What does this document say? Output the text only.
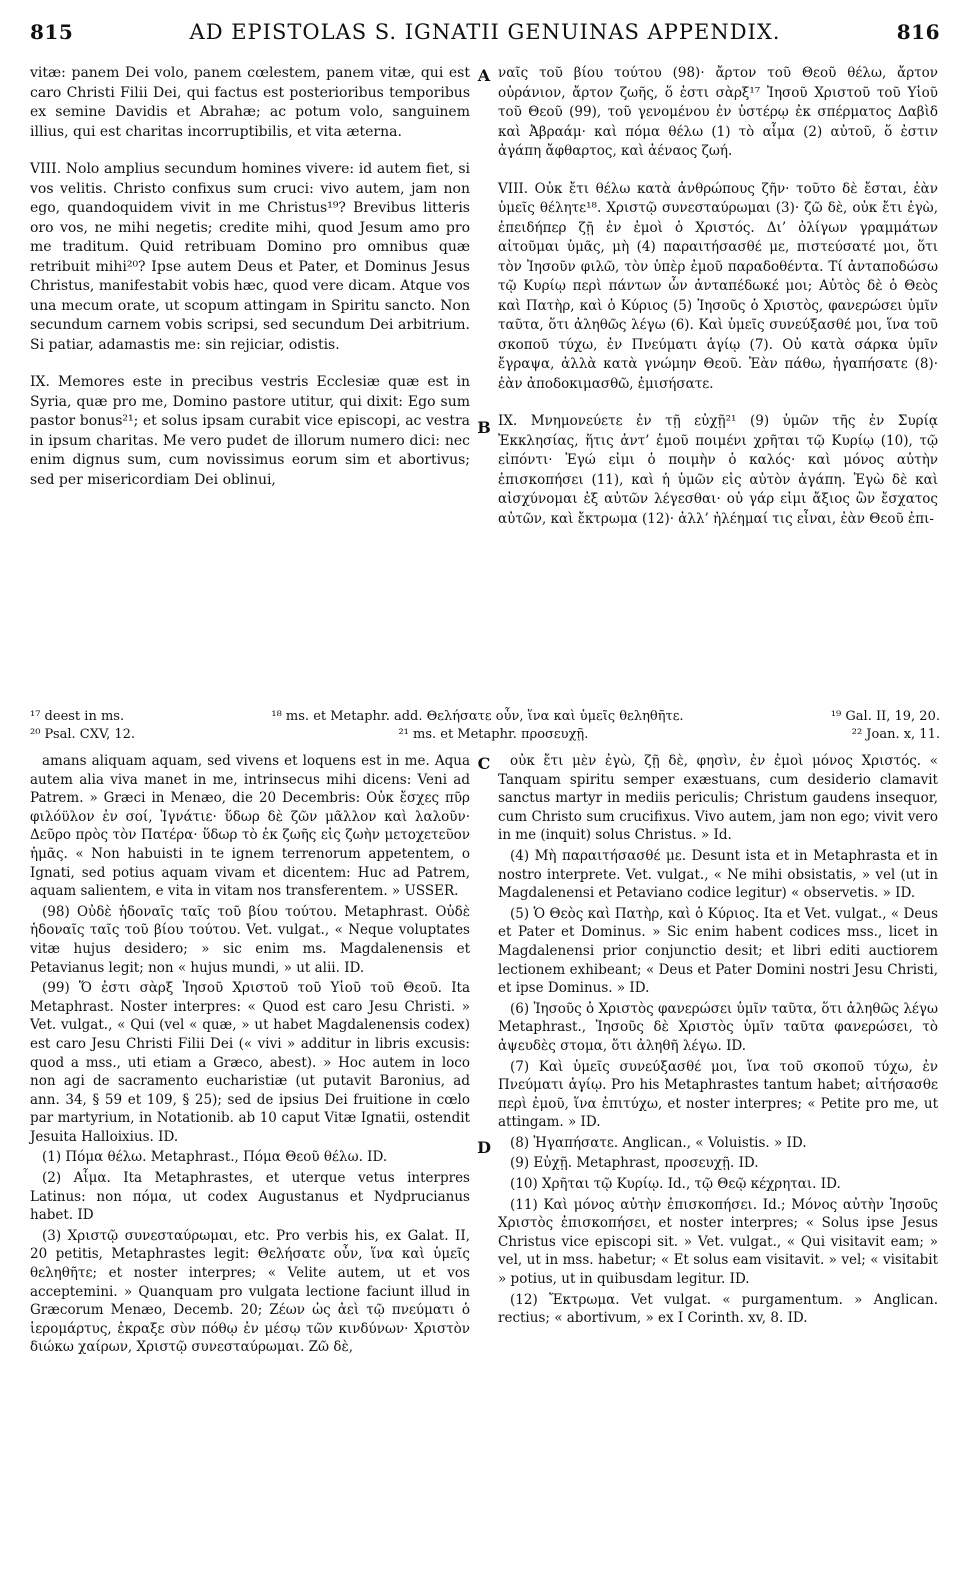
815	AD EPISTOLAS S. IGNATII GENUINAS APPENDIX.	816

vitæ: panem Dei volo, panem cœlestem, panem vitæ, qui est caro Christi Filii Dei, qui factus est posterioribus temporibus ex semine Davidis et Abrahæ; ac potum volo, sanguinem illius, qui est charitas incorruptibilis, et vita æterna.

VIII. Nolo amplius secundum homines vivere: id autem fiet, si vos velitis. Christo confixus sum cruci: vivo autem, jam non ego, quandoquidem vivit in me Christus¹⁹? Brevibus litteris oro vos, ne mihi negetis; credite mihi, quod Jesum amo pro me traditum. Quid retribuam Domino pro omnibus quæ retribuit mihi²⁰? Ipse autem Deus et Pater, et Dominus Jesus Christus, manifestabit vobis hæc, quod vere dicam. Atque vos una mecum orate, ut scopum attingam in Spiritu sancto. Non secundum carnem vobis scripsi, sed secundum Dei arbitrium. Si patiar, adamastis me: sin rejiciar, odistis.

IX. Memores este in precibus vestris Ecclesiæ quæ est in Syria, quæ pro me, Domino pastore utitur, qui dixit: Ego sum pastor bonus²¹; et solus ipsam curabit vice episcopi, ac vestra in ipsum charitas. Me vero pudet de illorum numero dici: nec enim dignus sum, cum novissimus eorum sim et abortivus; sed per misericordiam Dei oblinui,

A
B

ναῖς τοῦ βίου τούτου (98)· ἄρτον τοῦ Θεοῦ θέλω, ἄρτον οὐράνιον, ἄρτον ζωῆς, ὅ ἐστι σὰρξ¹⁷ Ἰησοῦ Χριστοῦ τοῦ Υἱοῦ τοῦ Θεοῦ (99), τοῦ γενομένου ἐν ὑστέρῳ ἐκ σπέρματος Δαβὶδ καὶ Ἀβραάμ· καὶ πόμα θέλω (1) τὸ αἷμα (2) αὐτοῦ, ὅ ἐστιν ἀγάπη ἄφθαρτος, καὶ ἀέναος ζωή.

VIII. Οὐκ ἔτι θέλω κατὰ ἀνθρώπους ζῆν· τοῦτο δὲ ἔσται, ἐὰν ὑμεῖς θέλητε¹⁸. Χριστῷ συνεσταύρωμαι (3)· ζῶ δὲ, οὐκ ἔτι ἐγὼ, ἐπειδήπερ ζῇ ἐν ἐμοὶ ὁ Χριστός. Δι’ ὀλίγων γραμμάτων αἰτοῦμαι ὑμᾶς, μὴ (4) παραιτήσασθέ με, πιστεύσατέ μοι, ὅτι τὸν Ἰησοῦν φιλῶ, τὸν ὑπὲρ ἐμοῦ παραδοθέντα. Τί ἀνταποδώσω τῷ Κυρίῳ περὶ πάντων ὧν ἀνταπέδωκέ μοι; Αὐτὸς δὲ ὁ Θεὸς καὶ Πατὴρ, καὶ ὁ Κύριος (5) Ἰησοῦς ὁ Χριστὸς, φανερώσει ὑμῖν ταῦτα, ὅτι ἀληθῶς λέγω (6). Καὶ ὑμεῖς συνεύξασθέ μοι, ἵνα τοῦ σκοποῦ τύχω, ἐν Πνεύματι ἁγίῳ (7). Οὐ κατὰ σάρκα ὑμῖν ἔγραψα, ἀλλὰ κατὰ γνώμην Θεοῦ. Ἐὰν πάθω, ἠγαπήσατε (8)· ἐὰν ἀποδοκιμασθῶ, ἐμισήσατε.

IX. Μνημονεύετε ἐν τῇ εὐχῇ²¹ (9) ὑμῶν τῆς ἐν Συρίᾳ Ἐκκλησίας, ἥτις ἀντ’ ἐμοῦ ποιμένι χρῆται τῷ Κυρίῳ (10), τῷ εἰπόντι· Ἐγώ εἰμι ὁ ποιμὴν ὁ καλός· καὶ μόνος αὐτὴν ἐπισκοπήσει (11), καὶ ἡ ὑμῶν εἰς αὐτὸν ἀγάπη. Ἐγὼ δὲ καὶ αἰσχύνομαι ἐξ αὐτῶν λέγεσθαι· οὐ γάρ εἰμι ἄξιος ὢν ἔσχατος αὐτῶν, καὶ ἔκτρωμα (12)· ἀλλ’ ἠλέημαί τις εἶναι, ἐὰν Θεοῦ ἐπι-

¹⁷ deest in ms.	¹⁸ ms. et Metaphr. add. Θελήσατε οὖν, ἵνα καὶ ὑμεῖς θεληθῆτε.	¹⁹ Gal. II, 19, 20.
²⁰ Psal. CXV, 12.	²¹ ms. et Metaphr. προσευχῇ.	²² Joan. x, 11.
C
D

amans aliquam aquam, sed vivens et loquens est in me. Aqua autem alia viva manet in me, intrinsecus mihi dicens: Veni ad Patrem. » Græci in Menæo, die 20 Decembris: Οὐκ ἔσχες πῦρ φιλόϋλον ἐν σοί, Ἰγνάτιε· ὕδωρ δὲ ζῶν μᾶλλον καὶ λαλοῦν· Δεῦρο πρὸς τὸν Πατέρα· ὕδωρ τὸ ἐκ ζωῆς εἰς ζωὴν μετοχετεῦον ἡμᾶς. « Non habuisti in te ignem terrenorum appetentem, o Ignati, sed potius aquam vivam et dicentem: Huc ad Patrem, aquam salientem, e vita in vitam nos transferentem. » USSER.

(98) Οὐδὲ ἡδοναῖς ταῖς τοῦ βίου τούτου. Metaphrast. Οὐδὲ ἡδοναῖς ταῖς τοῦ βίου τούτου. Vet. vulgat., « Neque voluptates vitæ hujus desidero; » sic enim ms. Magdalenensis et Petavianus legit; non « hujus mundi, » ut alii. ID.

(99) Ὅ ἐστι σὰρξ Ἰησοῦ Χριστοῦ τοῦ Υἱοῦ τοῦ Θεοῦ. Ita Metaphrast. Noster interpres: « Quod est caro Jesu Christi. » Vet. vulgat., « Qui (vel « quæ, » ut habet Magdalenensis codex) est caro Jesu Christi Filii Dei (« vivi » additur in libris excusis: quod a mss., uti etiam a Græco, abest). » Hoc autem in loco non agi de sacramento eucharistiæ (ut putavit Baronius, ad ann. 34, § 59 et 109, § 25); sed de ipsius Dei fruitione in cœlo par martyrium, in Notationib. ab 10 caput Vitæ Ignatii, ostendit Jesuita Halloixius. ID.

(1) Πόμα θέλω. Metaphrast., Πόμα Θεοῦ θέλω. ID.

(2) Αἷμα. Ita Metaphrastes, et uterque vetus interpres Latinus: non πόμα, ut codex Augustanus et Nydprucianus habet. ID

(3) Χριστῷ συνεσταύρωμαι, etc. Pro verbis his, ex Galat. II, 20 petitis, Metaphrastes legit: Θελήσατε οὖν, ἵνα καὶ ὑμεῖς θεληθῆτε; et noster interpres; « Velite autem, ut et vos acceptemini. » Quanquam pro vulgata lectione faciunt illud in Græcorum Menæo, Decemb. 20; Ζέων ὡς ἀεὶ τῷ πνεύματι ὁ ἱερομάρτυς, ἐκραξε σὺν πόθῳ ἐν μέσῳ τῶν κινδύνων· Χριστὸν διώκω χαίρων, Χριστῷ συνεσταύρωμαι. Ζῶ δὲ,

οὐκ ἔτι μὲν ἐγὼ, ζῇ δὲ, φησὶν, ἐν ἐμοὶ μόνος Χριστός. « Tanquam spiritu semper exæstuans, cum desiderio clamavit sanctus martyr in mediis periculis; Christum gaudens insequor, cum Christo sum crucifixus. Vivo autem, jam non ego; vivit vero in me (inquit) solus Christus. » Id.

(4) Μὴ παραιτήσασθέ με. Desunt ista et in Metaphrasta et in nostro interprete. Vet. vulgat., « Ne mihi obsistatis, » vel (ut in Magdalenensi et Petaviano codice legitur) « observetis. » ID.

(5) Ὁ Θεὸς καὶ Πατὴρ, καὶ ὁ Κύριος. Ita et Vet. vulgat., « Deus et Pater et Dominus. » Sic enim habent codices mss., licet in Magdalenensi prior conjunctio desit; et libri editi auctiorem lectionem exhibeant; « Deus et Pater Domini nostri Jesu Christi, et ipse Dominus. » ID.

(6) Ἰησοῦς ὁ Χριστὸς φανερώσει ὑμῖν ταῦτα, ὅτι ἀληθῶς λέγω Metaphrast., Ἰησοῦς δὲ Χριστὸς ὑμῖν ταῦτα φανερώσει, τὸ ἀψευδὲς στομα, ὅτι ἀληθῆ λέγω. ID.

(7) Καὶ ὑμεῖς συνεύξασθέ μοι, ἵνα τοῦ σκοποῦ τύχω, ἐν Πνεύματι ἁγίῳ. Pro his Metaphrastes tantum habet; αἰτήσασθε περὶ ἐμοῦ, ἵνα ἐπιτύχω, et noster interpres; « Petite pro me, ut attingam. » ID.

(8) Ἠγαπήσατε. Anglican., « Voluistis. » ID.

(9) Εὐχῇ. Metaphrast, προσευχῇ. ID.

(10) Χρῆται τῷ Κυρίῳ. Id., τῷ Θεῷ κέχρηται. ID.

(11) Καὶ μόνος αὐτὴν ἐπισκοπήσει. Id.; Μόνος αὐτὴν Ἰησοῦς Χριστὸς ἐπισκοπήσει, et noster interpres; « Solus ipse Jesus Christus vice episcopi sit. » Vet. vulgat., « Qui visitavit eam; » vel, ut in mss. habetur; « Et solus eam visitavit. » vel; « visitabit » potius, ut in quibusdam legitur. ID.

(12) Ἔκτρωμα. Vet vulgat. « purgamentum. » Anglican. rectius; « abortivum, » ex I Corinth. xv, 8. ID.
